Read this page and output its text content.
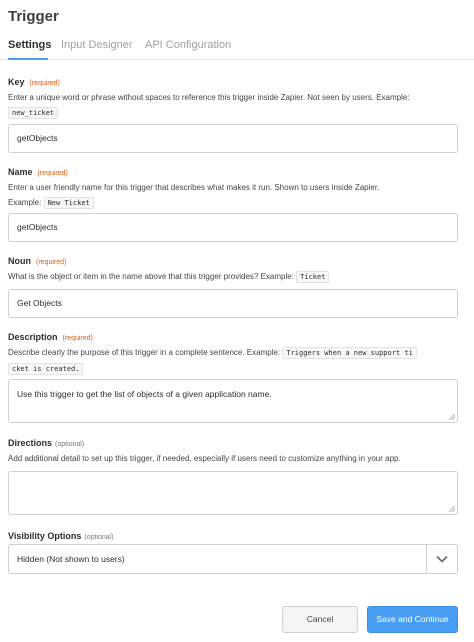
Trigger
Settings Input Designer API Configuration
Key (required)
Enter a unique word or phrase without spaces to reference this trigger inside Zapier. Not seen by users. Example:
new_ticket
getObjects
Name (required)
Enter a user friendly name for this trigger that describes what makes it run. Shown to users inside Zapier.
Example: New Ticket
getObjects
Noun (required)
What is the object or item in the name above that this trigger provides? Example: Ticket
Get Objects
Description (required)
Describe clearly the purpose of this trigger in a complete sentence. Example: Triggers when a new support ti
cket is created.
Use this trigger to get the list of objects of a given application name.
Directions (optional)
Add additional detail to set up this trigger, if needed, especially if users need to customize anything in your app.
Visibility Options (optional)
Hidden (Not shown to users)
Cancel	Save and Continue
